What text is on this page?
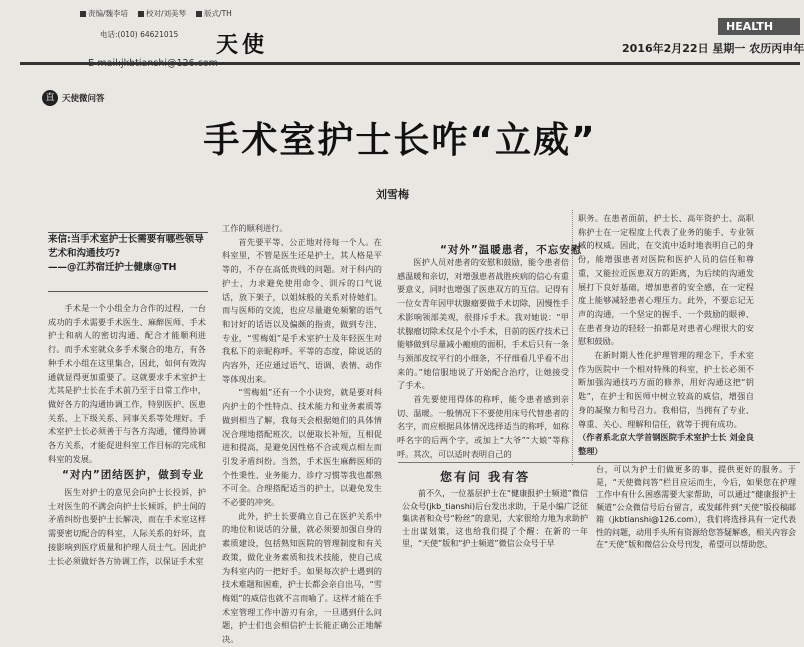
责编/魏李培	校对/刘美琴	版式/TH
电话:(010) 64621015	天使
HEALTH
2016年2月22日 星期一 农历丙申年
直 天使微问答
手术室护士长咋“立威”
刘雪梅
来信:当手术室护士长需要有哪些领导艺术和沟通技巧?
——@江苏宿迁护士健康@TH

手术是一个小组全力合作的过程，一台成功的手术需要手术医生、麻醉医师、手术护士和病人的密切沟通、配合才能顺利进行。而手术室就众多手术聚合的地方，有各种手术小组在这里集合，因此，如何有效沟通就显得更加重要了。这就要求手术室护士尤其是护士长在手术前乃至于日常工作中，做好各方的沟通协调工作，特别医护、医患关系、上下级关系、同事关系等处理好。手术室护士长必须善于与各方沟通，懂得协调各方关系，才能促进科室工作目标的完成和科室的发展。

“对内”团结医护，做到专业

医生对护士的意见会向护士长投诉，护士对医生的不满会向护士长倾诉，护士间的矛盾纠纷也要护士长解决，而在手术室这样需要密切配合的科室，人际关系的好坏，直接影响到医疗质量和护理人员士气。因此护士长必须做好各方协调工作，以保证手术室

工作的顺利进行。

首先要平等、公正地对待每一个人。在科室里，不管是医生还是护士，其人格是平等的，不存在高低贵贱的问题。对于科内的护士，力求避免使用命令、训斥的口气说话，放下架子，以姐妹般的关系对待她们。而与医师的交流，也应尽量避免频繁的语气和讨好的话语以及偏颇的指责，做到专注、专业，“雪梅姐”是手术室护士及年轻医生对我私下的亲昵称呼。平等的态度，除说话的内容外，还应通过语气、语调、表情、动作等体现出来。

“雪梅姐”还有一个小诀窍，就是要对科内护士的个性特点、技术能力和业务素质等做到相当了解，我每天会根据她们的具体情况合理地搭配班次，以便取长补短，互相促进和提高，是避免因性格不合或观点相左而引发矛盾纠纷。当然，手术医生麻醉医师的个性秉性、业务能力、诊疗习惯等我也都熟不可全。合理搭配适当的护士，以避免发生不必要的冲突。

此外，护士长要确立自己在医护关系中的地位和说话的分量，就必须要加强自身的素质建设，包括熟知医院的管理制度和有关政策，做化业务素质和技术技能，使自己成为科室内的一把好手。如果每次护士遇到的技术难题和困难，护士长都会亲自出马，“雪梅姐”的威信也就不言而喻了。这样才能在手术室管理工作中游刃有余，一旦遇到什么问题，护士们也会相信护士长能正确公正地解决。

“对外”温暖患者，不忘安慰

医护人员对患者的安慰和鼓励，能令患者倍感温暖和亲切，对增强患者战胜疾病的信心有重要意义，同时也增强了医患双方的互信。记得有一位女青年因甲状腺瘤要做手术切除，因慢性手术影响领部美观，很排斥手术。我对她说：“甲状腺瘤切除术仅是个小手术，目前的医疗技术已能够做到尽量减小瘢痕的面积，手术后只有一条与颈部皮纹平行的小细条，不仔细看几乎看不出来的。”她信服地说了开始配合治疗，让她接受了手术。

首先要使用得体的称呼，能令患者感到亲切、温暖。一般情况下不要使用床号代替患者的名字，而应根据具体情况选择适当的称呼，如称呼名字的后两个字，或加上“大爷”“大娘”等称呼。其次，可以适时表明自己的

职务。在患者面前，护士长、高年资护士、高职称护士在一定程度上代表了业务的能手、专业领域的权威。因此，在交流中适时地表明自己的身份，能增强患者对医院和医护人员的信任和尊重，又能拉近医患双方的距离，为后续的沟通发展打下良好基础，增加患者的安全感，在一定程度上能够减轻患者心理压力。此外，不要忘记无声的沟通，一个坚定的握手、一个鼓励的眼神、在患者身边的轻轻一拍都是对患者心理很大的安慰和鼓励。

在新时期人性化护理管理的理念下，手术室作为医院中一个相对特殊的科室，护士长必须不断加强沟通技巧方面的修养，用好沟通这把“钥匙”，在护士和医师中树立较高的威信，增强自身的凝聚力和号召力。我相信，当拥有了专业、尊重、关心、理解和信任，就等于拥有成功。

（作者系北京大学首钢医院手术室护士长 刘金良整理）

您有问 我有答

前不久，一位基层护士在“健康报护士频道”微信公众号(jkb_tianshi)后台发出求助，于是小编广泛征集读者和众号“粉丝”的意见，大家很给力地为求助护士出谋划策，这也给我们提了个醒：在新的一年里，“天使”版和“护士频道”微信公众号于早

台，可以为护士们做更多的事，提供更好的服务。于是，“天使微问答”栏目应运而生，今后，如果您在护理工作中有什么困惑需要大家帮助，可以通过“健康报护士频道”公众微信号后台留言，或发邮件到“天使”版投稿邮箱（jkbtianshi@126.com），我们将选择具有一定代表性的问题，动用手头所有资源给您答疑解惑，相关内容会在“天使”版和微信公众号刊发，希望可以帮助您。
